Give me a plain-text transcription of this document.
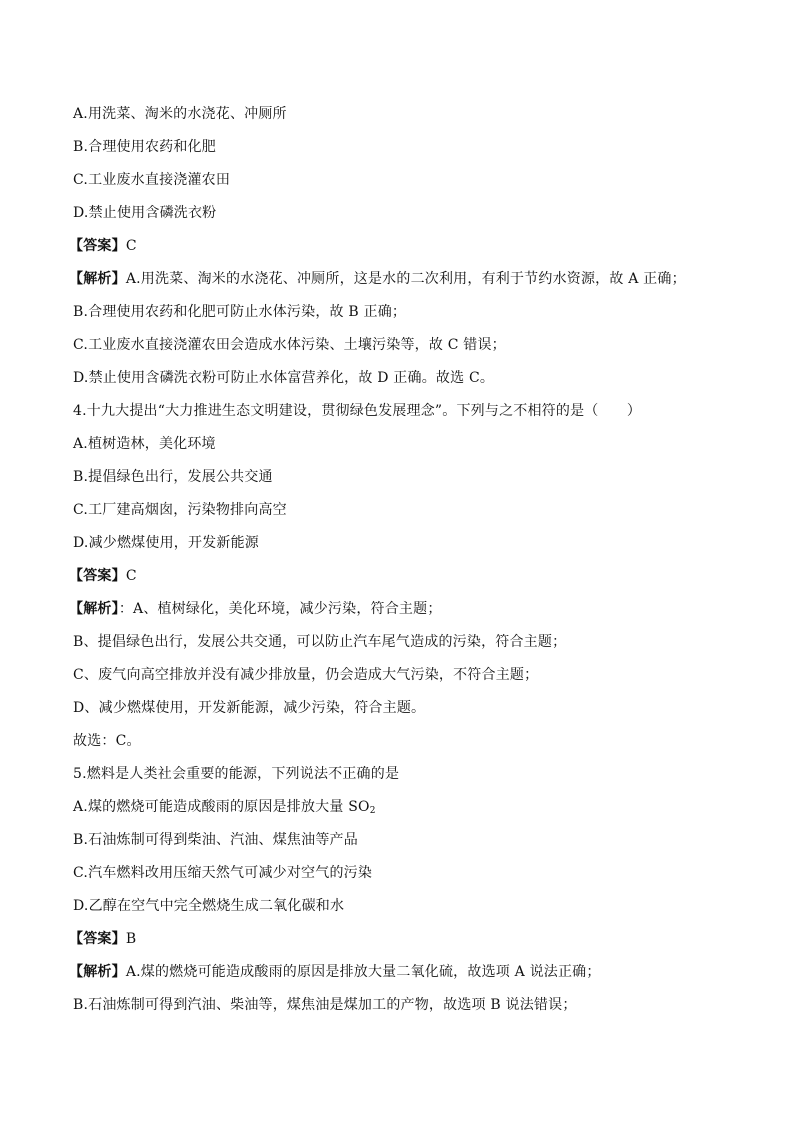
A.用洗菜、淘米的水浇花、冲厕所
B.合理使用农药和化肥
C.工业废水直接浇灌农田
D.禁止使用含磷洗衣粉
【答案】C
【解析】A.用洗菜、淘米的水浇花、冲厕所，这是水的二次利用，有利于节约水资源，故 A 正确；
B.合理使用农药和化肥可防止水体污染，故 B 正确；
C.工业废水直接浇灌农田会造成水体污染、土壤污染等，故 C 错误；
D.禁止使用含磷洗衣粉可防止水体富营养化，故 D 正确。故选 C。
4.十九大提出“大力推进生态文明建设，贯彻绿色发展理念”。下列与之不相符的是（　　）
A.植树造林，美化环境
B.提倡绿色出行，发展公共交通
C.工厂建高烟囱，污染物排向高空
D.减少燃煤使用，开发新能源
【答案】C
【解析】：A、植树绿化，美化环境，减少污染，符合主题；
B、提倡绿色出行，发展公共交通，可以防止汽车尾气造成的污染，符合主题；
C、废气向高空排放并没有减少排放量，仍会造成大气污染，不符合主题；
D、减少燃煤使用，开发新能源，减少污染，符合主题。
故选：C。
5.燃料是人类社会重要的能源，下列说法不正确的是
A.煤的燃烧可能造成酸雨的原因是排放大量 $SO_2$
B.石油炼制可得到柴油、汽油、煤焦油等产品
C.汽车燃料改用压缩天然气可减少对空气的污染
D.乙醇在空气中完全燃烧生成二氧化碳和水
【答案】B
【解析】A.煤的燃烧可能造成酸雨的原因是排放大量二氧化硫，故选项 A 说法正确；
B.石油炼制可得到汽油、柴油等，煤焦油是煤加工的产物，故选项 B 说法错误；
